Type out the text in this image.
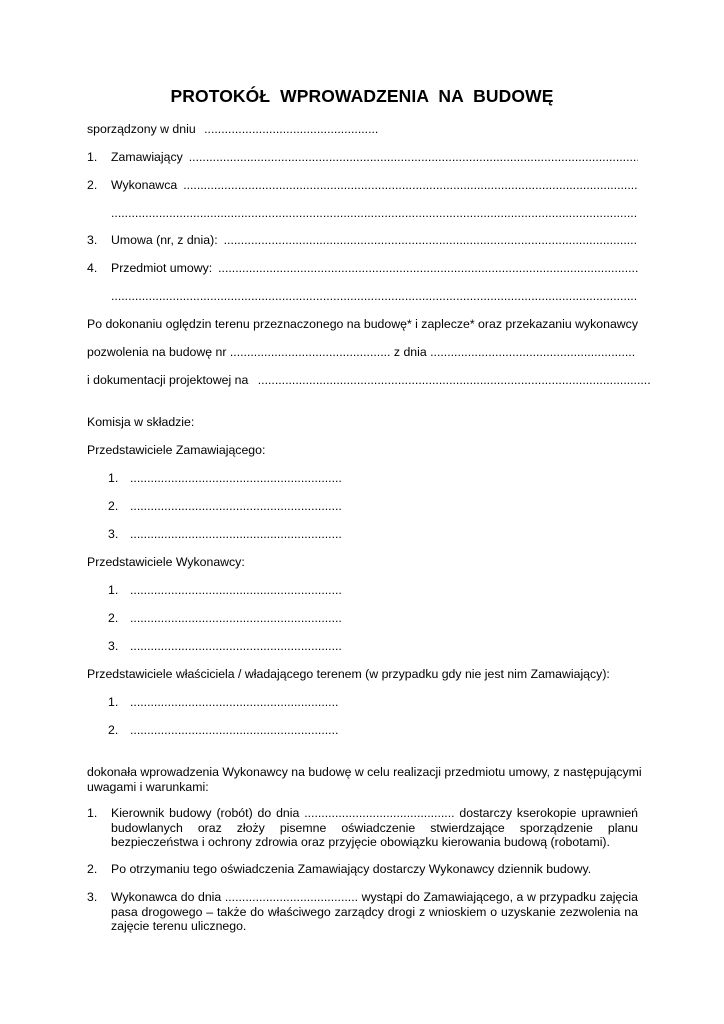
PROTOKÓŁ WPROWADZENIA NA BUDOWĘ
sporządzony w dniu ...................................................
1.	Zamawiający
.....
2.	Wykonawca
.....
.....
3.	Umowa (nr, z dnia):
.....
4.	Przedmiot umowy:
.....
.....
Po dokonaniu oględzin terenu przeznaczonego na budowę* i zaplecze* oraz przekazaniu wykonawcy
pozwolenia na budowę nr ............................................... z dnia ............................................................
i dokumentacji projektowej na ...................................................................................................................
Komisja w składzie:
Przedstawiciele Zamawiającego:
1. ..............................................................
2. ..............................................................
3. ..............................................................
Przedstawiciele Wykonawcy:
1. ..............................................................
2. ..............................................................
3. ..............................................................
Przedstawiciele właściciela / władającego terenem (w przypadku gdy nie jest nim Zamawiający):
1. .............................................................
2. .............................................................
dokonała wprowadzenia Wykonawcy na budowę w celu realizacji przedmiotu umowy, z następującymi
uwagami i warunkami:
1.	Kierownik budowy (robót) do dnia ............................................ dostarczy kserokopie uprawnień budowlanych oraz złoży pisemne oświadczenie stwierdzające sporządzenie planu bezpieczeństwa i ochrony zdrowia oraz przyjęcie obowiązku kierowania budową (robotami).
2.	Po otrzymaniu tego oświadczenia Zamawiający dostarczy Wykonawcy dziennik budowy.
3.	Wykonawca do dnia ....................................... wystąpi do Zamawiającego, a w przypadku zajęcia pasa drogowego – także do właściwego zarządcy drogi z wnioskiem o uzyskanie zezwolenia na zajęcie terenu ulicznego.
